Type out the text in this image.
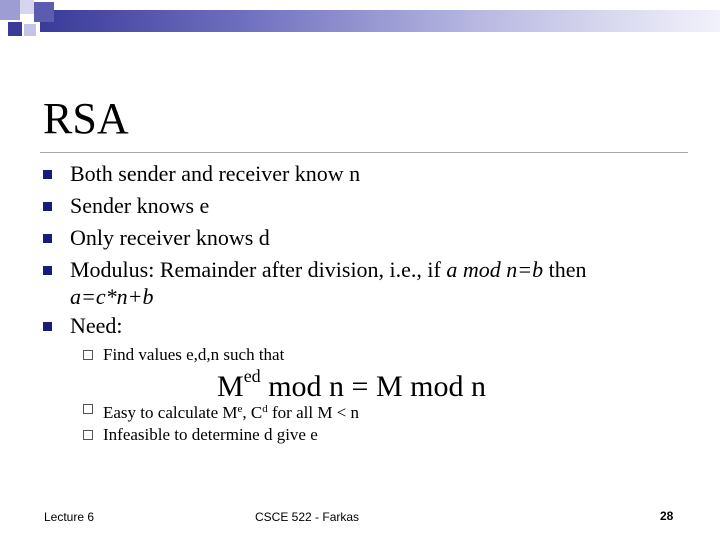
RSA
Both sender and receiver know n
Sender knows e
Only receiver knows d
Modulus: Remainder after division, i.e., if a mod n=b then
a=c*n+b
Need:
Find values e,d,n such that
$M^{ed}$ mod n = M mod n
Easy to calculate Me, $C^d$ for all M < n
Infeasible to determine d give e
Lecture 6	CSCE 522 - Farkas	28
